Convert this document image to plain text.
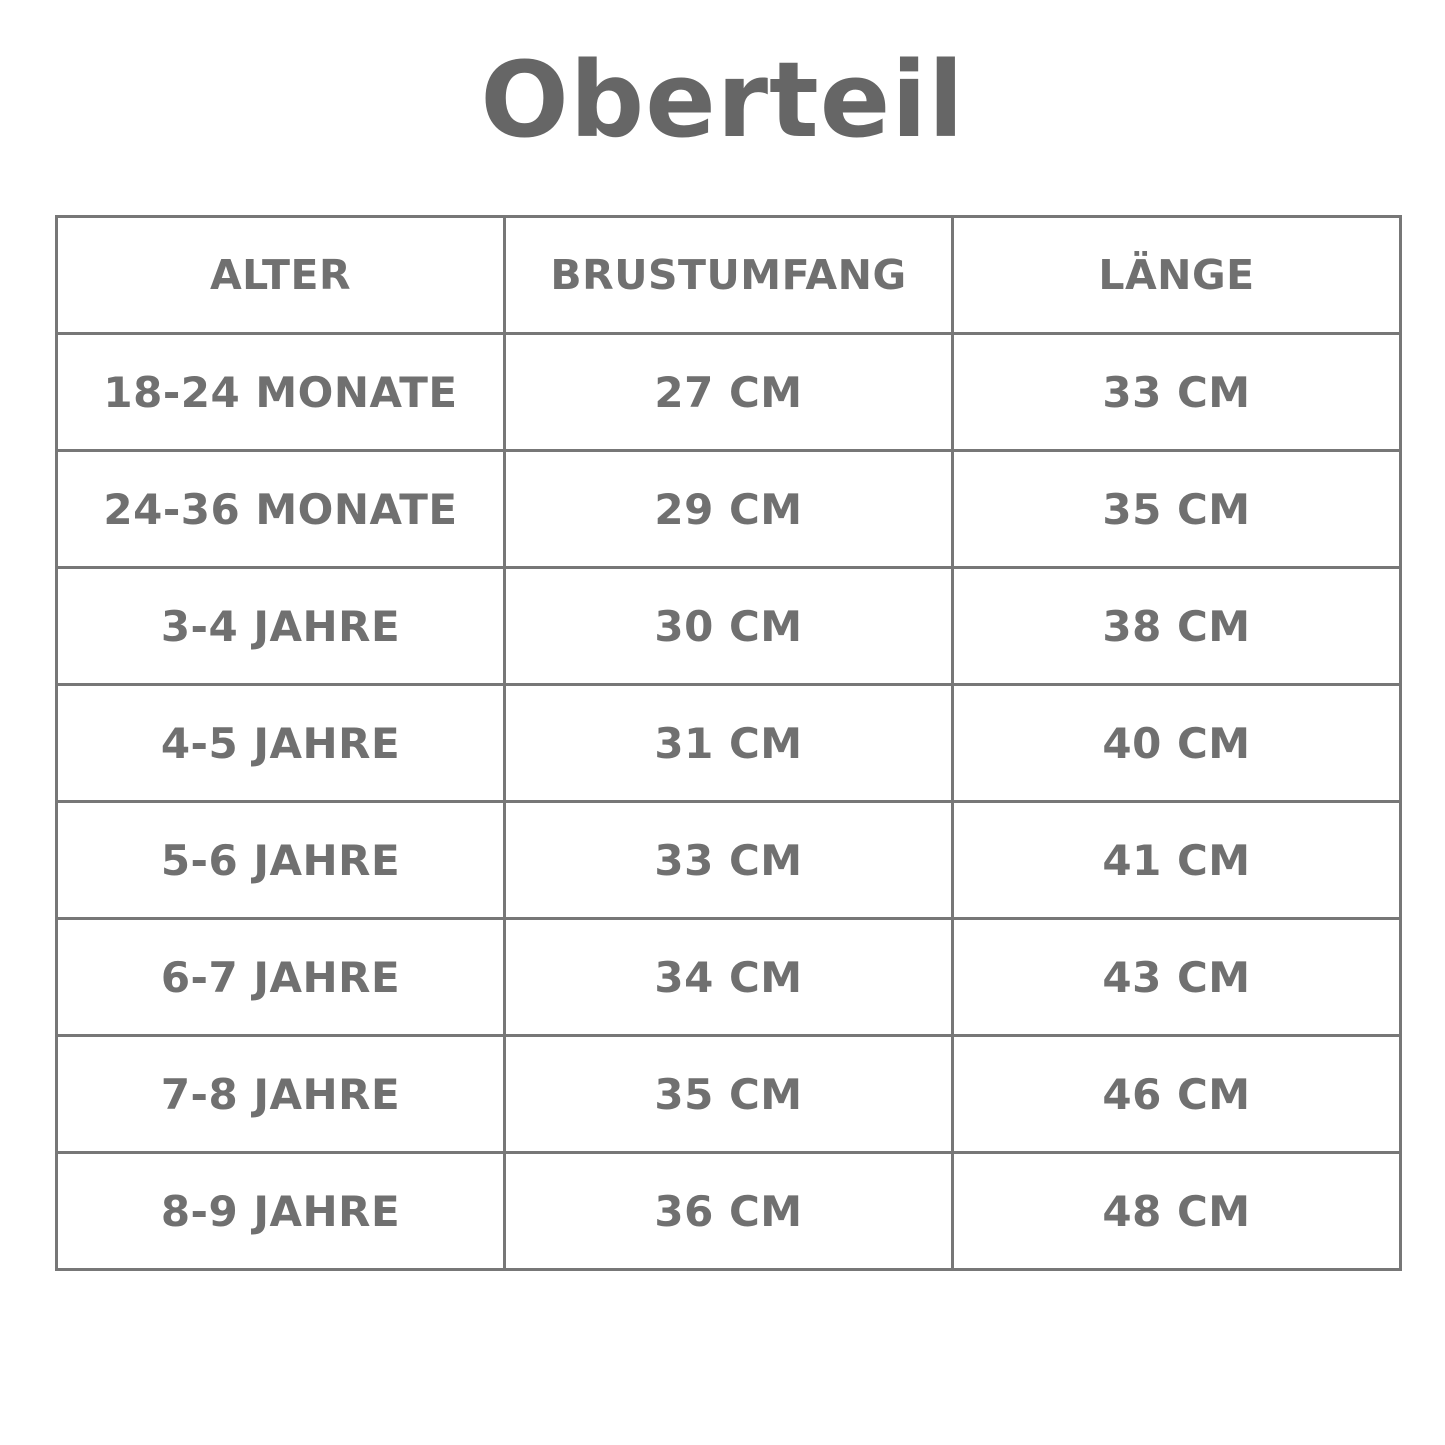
Oberteil
ALTER	BRUSTUMFANG	LÄNGE
18-24 MONATE	27 CM	33 CM
24-36 MONATE	29 CM	35 CM
3-4 JAHRE	30 CM	38 CM
4-5 JAHRE	31 CM	40 CM
5-6 JAHRE	33 CM	41 CM
6-7 JAHRE	34 CM	43 CM
7-8 JAHRE	35 CM	46 CM
8-9 JAHRE	36 CM	48 CM
